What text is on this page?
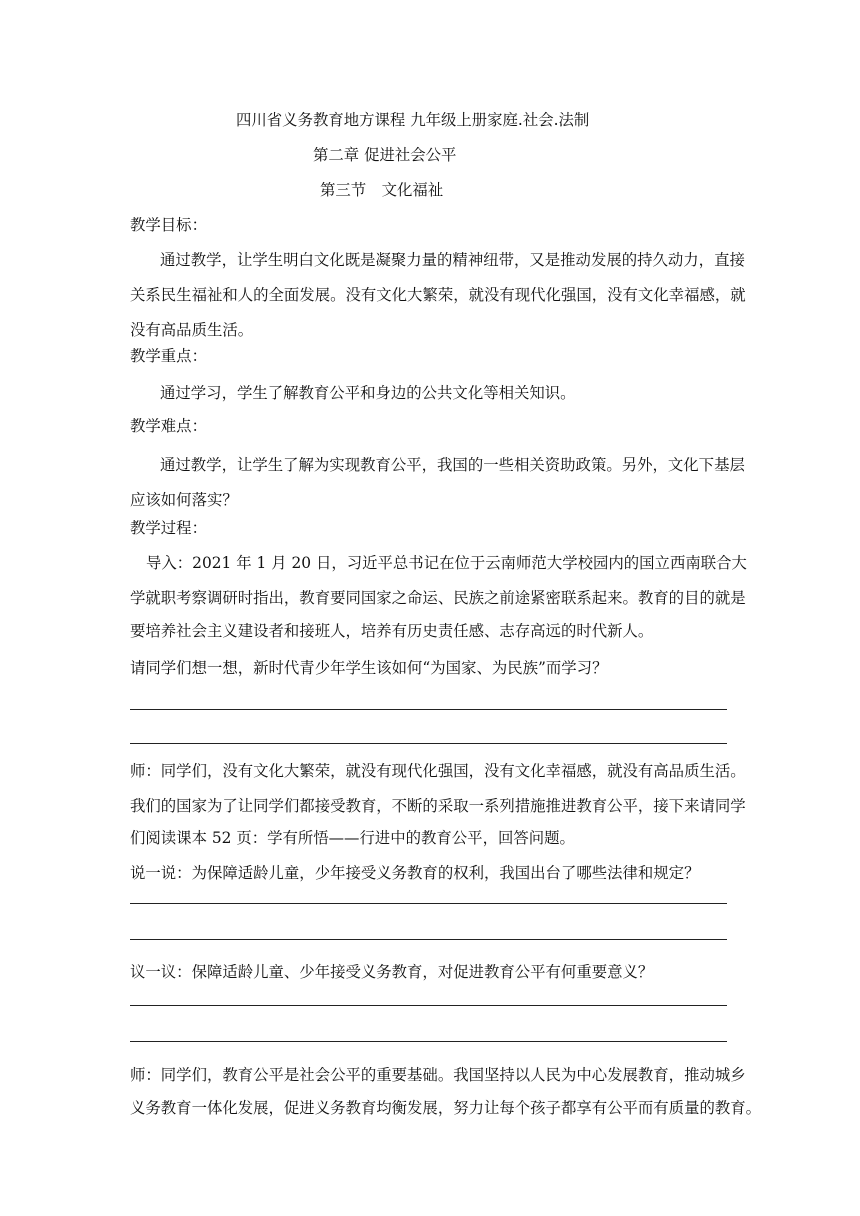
四川省义务教育地方课程 九年级上册家庭.社会.法制
第二章 促进社会公平
第三节　文化福祉
教学目标：
通过教学，让学生明白文化既是凝聚力量的精神纽带，又是推动发展的持久动力，直接
关系民生福祉和人的全面发展。没有文化大繁荣，就没有现代化强国，没有文化幸福感，就
没有高品质生活。
教学重点：
通过学习，学生了解教育公平和身边的公共文化等相关知识。
教学难点：
通过教学，让学生了解为实现教育公平，我国的一些相关资助政策。另外，文化下基层
应该如何落实？
教学过程：
导入：2021 年 1 月 20 日，习近平总书记在位于云南师范大学校园内的国立西南联合大
学就职考察调研时指出，教育要同国家之命运、民族之前途紧密联系起来。教育的目的就是
要培养社会主义建设者和接班人，培养有历史责任感、志存高远的时代新人。
请同学们想一想，新时代青少年学生该如何“为国家、为民族”而学习？
师：同学们，没有文化大繁荣，就没有现代化强国，没有文化幸福感，就没有高品质生活。
我们的国家为了让同学们都接受教育，不断的采取一系列措施推进教育公平，接下来请同学
们阅读课本 52 页：学有所悟——行进中的教育公平，回答问题。
说一说：为保障适龄儿童，少年接受义务教育的权利，我国出台了哪些法律和规定？
议一议：保障适龄儿童、少年接受义务教育，对促进教育公平有何重要意义？
师：同学们，教育公平是社会公平的重要基础。我国坚持以人民为中心发展教育，推动城乡
义务教育一体化发展，促进义务教育均衡发展，努力让每个孩子都享有公平而有质量的教育。
